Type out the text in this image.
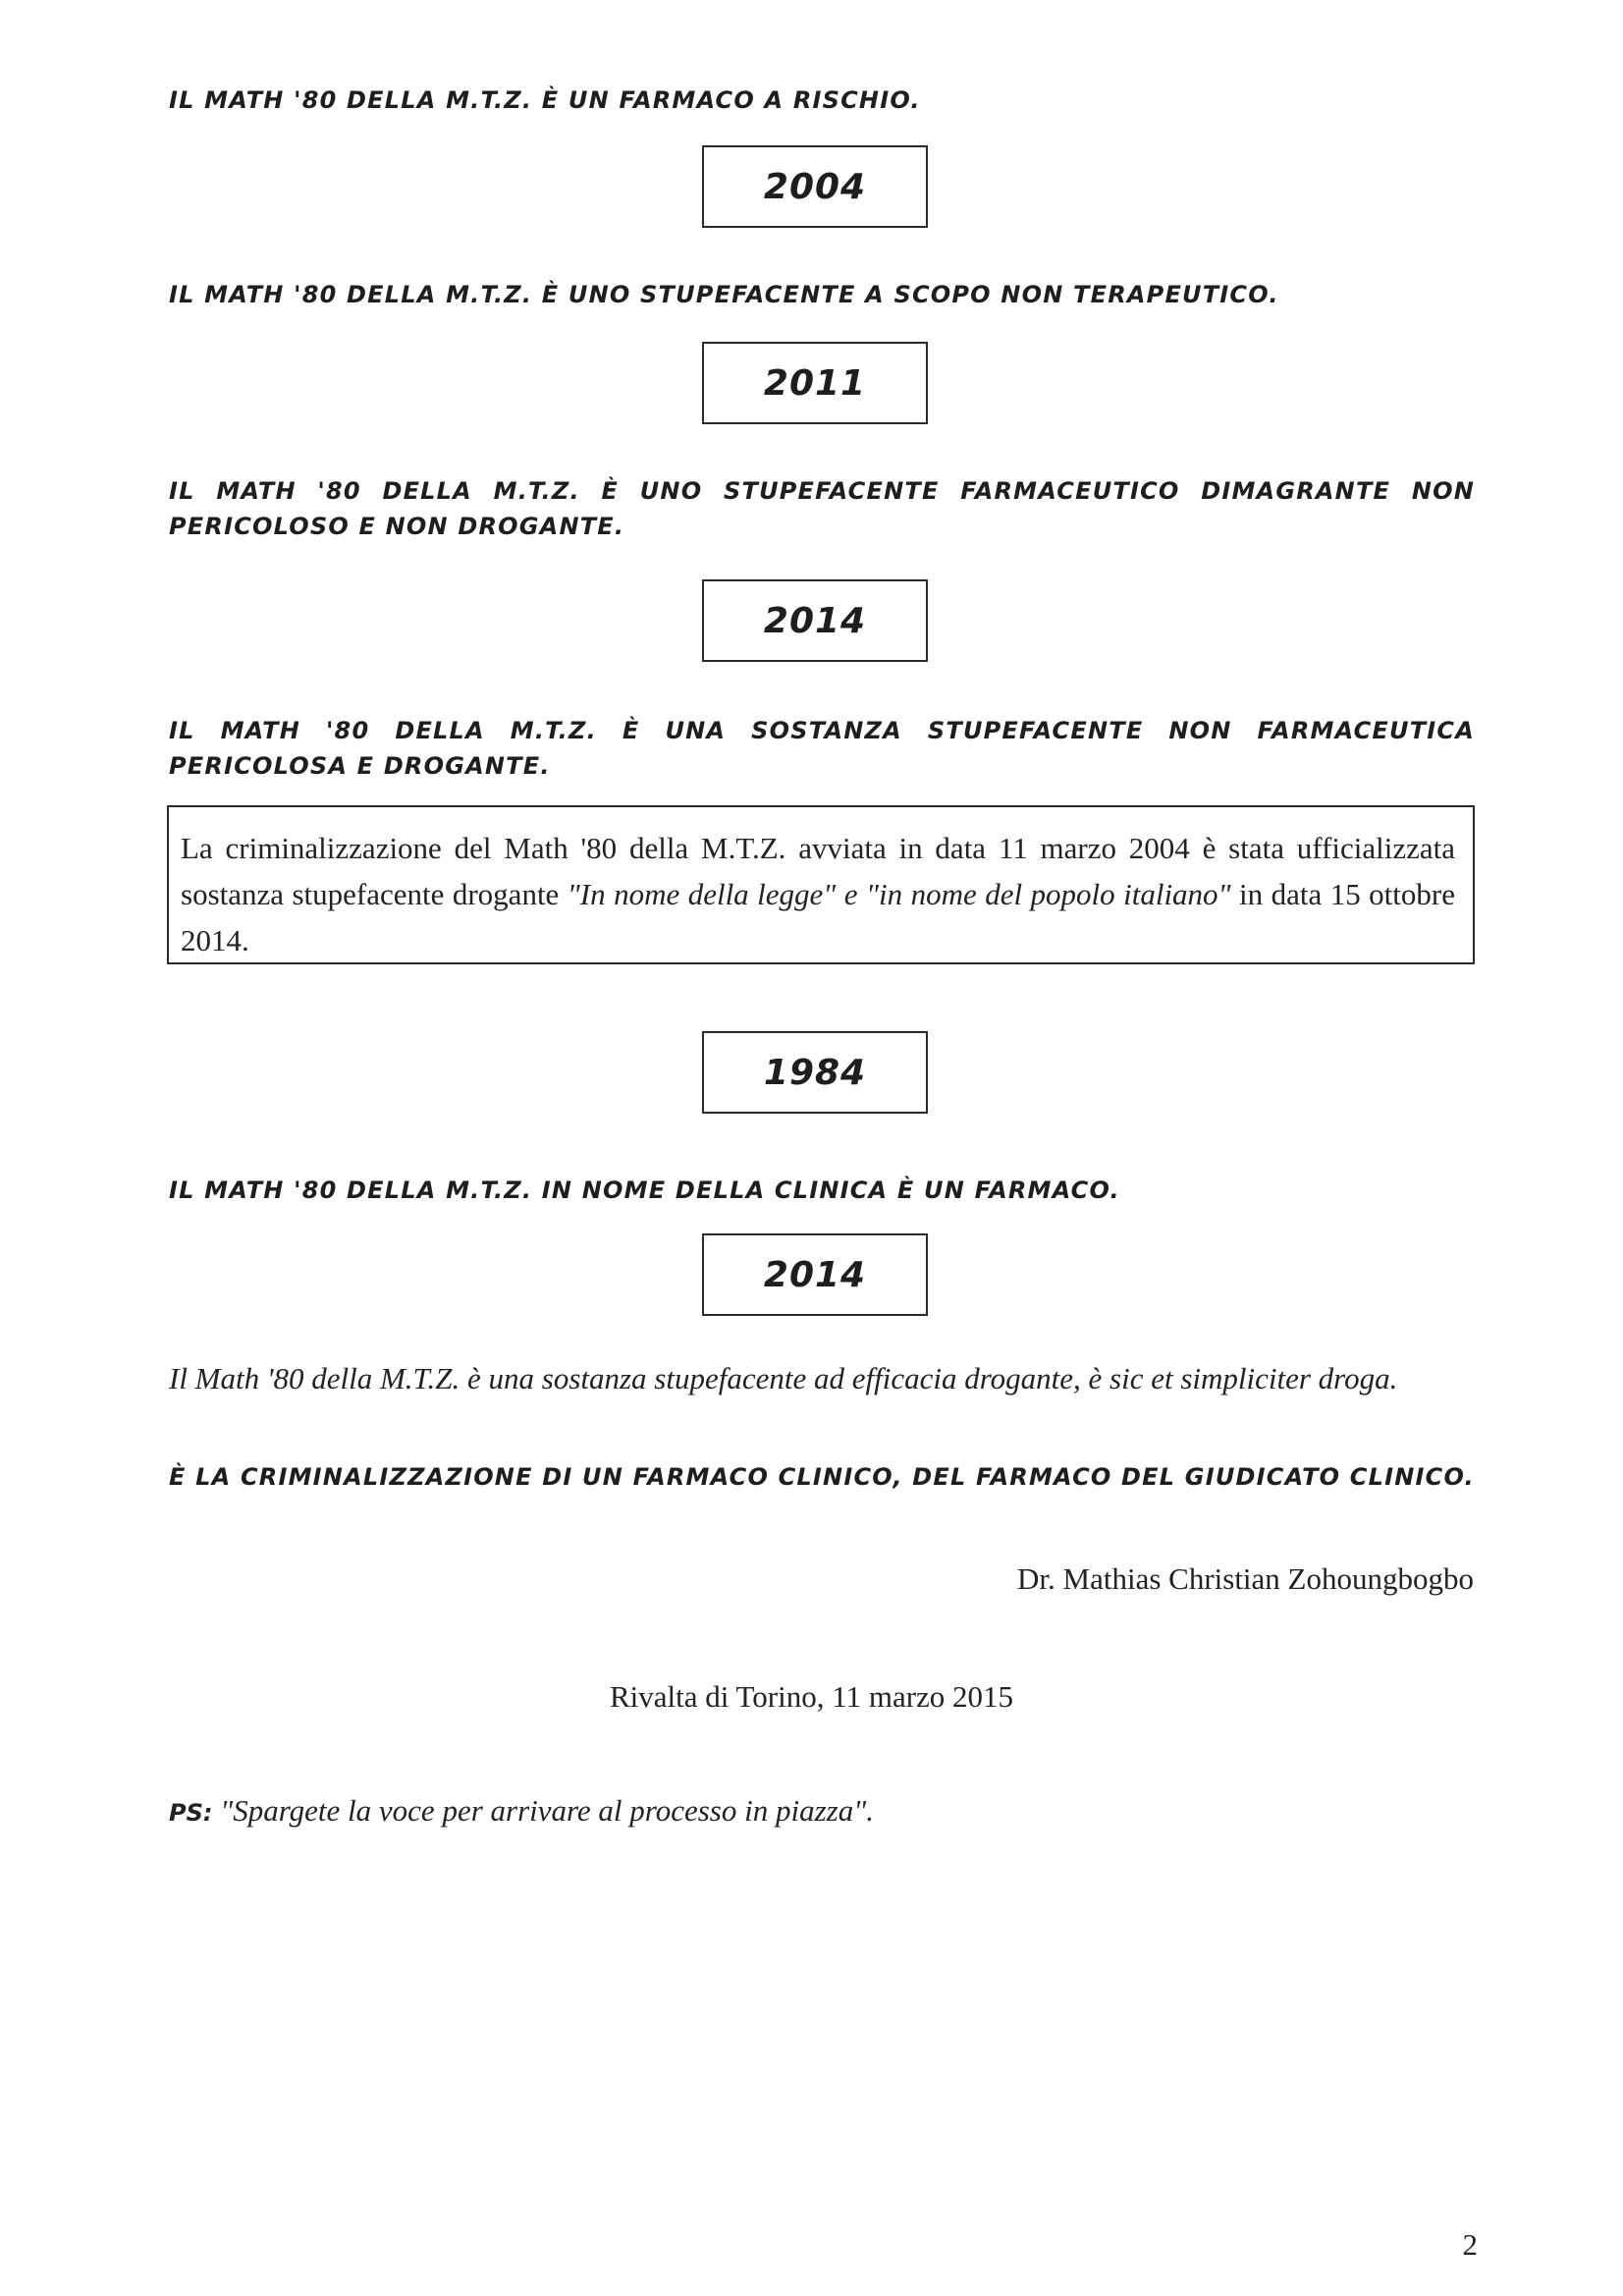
IL MATH '80 DELLA M.T.Z. È UN FARMACO A RISCHIO.

2004

IL MATH '80 DELLA M.T.Z. È UNO STUPEFACENTE A SCOPO NON TERAPEUTICO.

2011

IL MATH '80 DELLA M.T.Z. È UNO STUPEFACENTE FARMACEUTICO DIMAGRANTE NON PERICOLOSO E NON DROGANTE.

2014

IL MATH '80 DELLA M.T.Z. È UNA SOSTANZA STUPEFACENTE NON FARMACEUTICA PERICOLOSA E DROGANTE.

La criminalizzazione del Math '80 della M.T.Z. avviata in data 11 marzo 2004 è stata ufficializzata sostanza stupefacente drogante "In nome della legge" e "in nome del popolo italiano" in data 15 ottobre 2014.
1984

IL MATH '80 DELLA M.T.Z. IN NOME DELLA CLINICA È UN FARMACO.

2014

Il Math '80 della M.T.Z. è una sostanza stupefacente ad efficacia drogante, è sic et simpliciter droga.

È LA CRIMINALIZZAZIONE DI UN FARMACO CLINICO, DEL FARMACO DEL GIUDICATO CLINICO.

Dr. Mathias Christian Zohoungbogbo
Rivalta di Torino, 11 marzo 2015
PS: "Spargete la voce per arrivare al processo in piazza".
2
